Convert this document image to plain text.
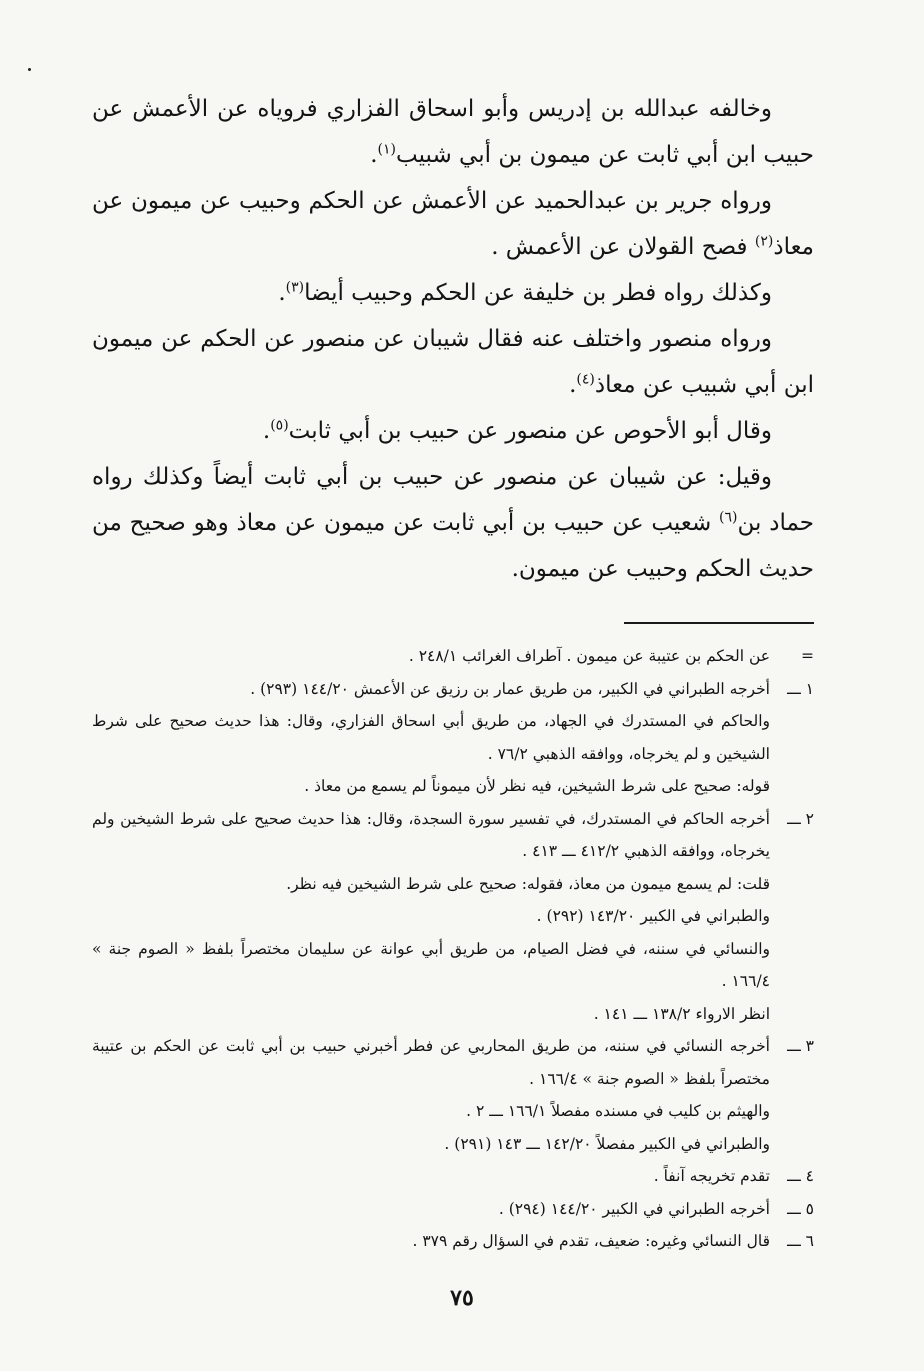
وخالفه عبدالله بن إدريس وأبو اسحاق الفزاري فروياه عن الأعمش عن حبيب ابن أبي ثابت عن ميمون بن أبي شبيب$^{(١)}$.

ورواه جرير بن عبدالحميد عن الأعمش عن الحكم وحبيب عن ميمون عن معاذ$^{(٢)}$ فصح القولان عن الأعمش .

وكذلك رواه فطر بن خليفة عن الحكم وحبيب أيضا$^{(٣)}$.

ورواه منصور واختلف عنه فقال شيبان عن منصور عن الحكم عن ميمون ابن أبي شبيب عن معاذ$^{(٤)}$.

وقال أبو الأحوص عن منصور عن حبيب بن أبي ثابت$^{(٥)}$.

وقيل: عن شيبان عن منصور عن حبيب بن أبي ثابت أيضاً وكذلك رواه حماد بن$^{(٦)}$ شعيب عن حبيب بن أبي ثابت عن ميمون عن معاذ وهو صحيح من حديث الحكم وحبيب عن ميمون.

=
عن الحكم بن عتيبة عن ميمون . آطراف الغرائب ٢٤٨/١ .
١ ـــ
أخرجه الطبراني في الكبير، من طريق عمار بن رزيق عن الأعمش ١٤٤/٢٠ (٢٩٣) .
والحاكم في المستدرك في الجهاد، من طريق أبي اسحاق الفزاري، وقال: هذا حديث صحيح على شرط الشيخين و لم يخرجاه، ووافقه الذهبي ٧٦/٢ .
قوله: صحيح على شرط الشيخين، فيه نظر لأن ميموناً لم يسمع من معاذ .
٢ ـــ
أخرجه الحاكم في المستدرك، في تفسير سورة السجدة، وقال: هذا حديث صحيح على شرط الشيخين ولم يخرجاه، ووافقه الذهبي ٤١٢/٢ ـــ ٤١٣ .
قلت: لم يسمع ميمون من معاذ، فقوله: صحيح على شرط الشيخين فيه نظر.
والطبراني في الكبير ١٤٣/٢٠ (٢٩٢) .
والنسائي في سننه، في فضل الصيام، من طريق أبي عوانة عن سليمان مختصراً بلفظ « الصوم جنة » ١٦٦/٤ .
انظر الارواء ١٣٨/٢ ـــ ١٤١ .
٣ ـــ
أخرجه النسائي في سننه، من طريق المحاربي عن فطر أخبرني حبيب بن أبي ثابت عن الحكم بن عتيبة مختصراً بلفظ « الصوم جنة » ١٦٦/٤ .
والهيثم بن كليب في مسنده مفصلاً ١٦٦/١ ـــ ٢ .
والطبراني في الكبير مفصلاً ١٤٢/٢٠ ـــ ١٤٣ (٢٩١) .
٤ ـــ
تقدم تخريجه آنفاً .
٥ ـــ
أخرجه الطبراني في الكبير ١٤٤/٢٠ (٢٩٤) .
٦ ـــ
قال النسائي وغيره: ضعيف، تقدم في السؤال رقم ٣٧٩ .
٧٥
